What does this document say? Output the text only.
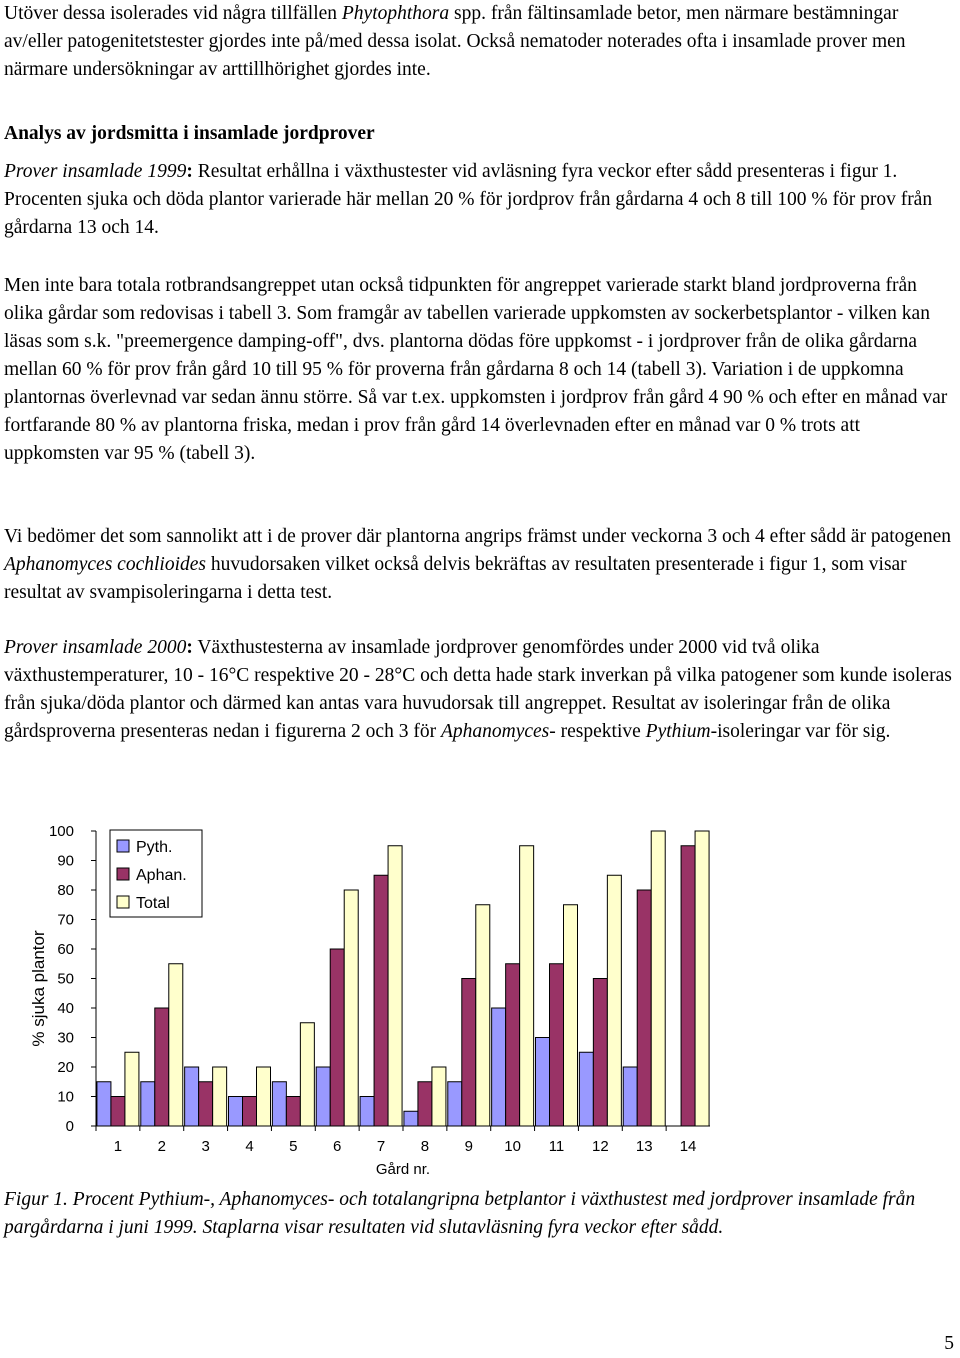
Utöver dessa isolerades vid några tillfällen Phytophthora spp. från fältinsamlade betor, men närmare bestämningar av/eller patogenitetstester gjordes inte på/med dessa isolat. Också nematoder noterades ofta i insamlade prover men närmare undersökningar av arttillhörighet gjordes inte.

Analys av jordsmitta i insamlade jordprover

Prover insamlade 1999: Resultat erhållna i växthustester vid avläsning fyra veckor efter sådd presenteras i figur 1. Procenten sjuka och döda plantor varierade här mellan 20 % för jordprov från gårdarna 4 och 8 till 100 % för prov från gårdarna 13 och 14.

Men inte bara totala rotbrandsangreppet utan också tidpunkten för angreppet varierade starkt bland jordproverna från olika gårdar som redovisas i tabell 3. Som framgår av tabellen varierade uppkomsten av sockerbetsplantor - vilken kan läsas som s.k. "preemergence damping-off", dvs. plantorna dödas före uppkomst - i jordprover från de olika gårdarna mellan 60 % för prov från gård 10 till 95 % för proverna från gårdarna 8 och 14 (tabell 3). Variation i de uppkomna plantornas överlevnad var sedan ännu större. Så var t.ex. uppkomsten i jordprov från gård 4 90 % och efter en månad var fortfarande 80 % av plantorna friska, medan i prov från gård 14 överlevnaden efter en månad var 0 % trots att uppkomsten var 95 % (tabell 3).

Vi bedömer det som sannolikt att i de prover där plantorna angrips främst under veckorna 3 och 4 efter sådd är patogenen Aphanomyces cochlioides huvudorsaken vilket också delvis bekräftas av resultaten presenterade i figur 1, som visar resultat av svampisoleringarna i detta test.

Prover insamlade 2000: Växthustesterna av insamlade jordprover genomfördes under 2000 vid två olika växthustemperaturer, 10 - 16°C respektive 20 - 28°C och detta hade stark inverkan på vilka patogener som kunde isoleras från sjuka/döda plantor och därmed kan antas vara huvudorsak till angreppet. Resultat av isoleringar från de olika gårdsproverna presenteras nedan i figurerna 2 och 3 för Aphanomyces- respektive Pythium-isoleringar var för sig.

0
10
20
30
40
50
60
70
80
90
100
% sjuka plantor
1 2 3 4 5 6 7 8 9 10 11 12 13 14
Gård nr.
Pyth.
Aphan.
Total

Figur 1. Procent Pythium-, Aphanomyces- och totalangripna betplantor i växthustest med jordprover insamlade från pargårdarna i juni 1999. Staplarna visar resultaten vid slutavläsning fyra veckor efter sådd.

5
